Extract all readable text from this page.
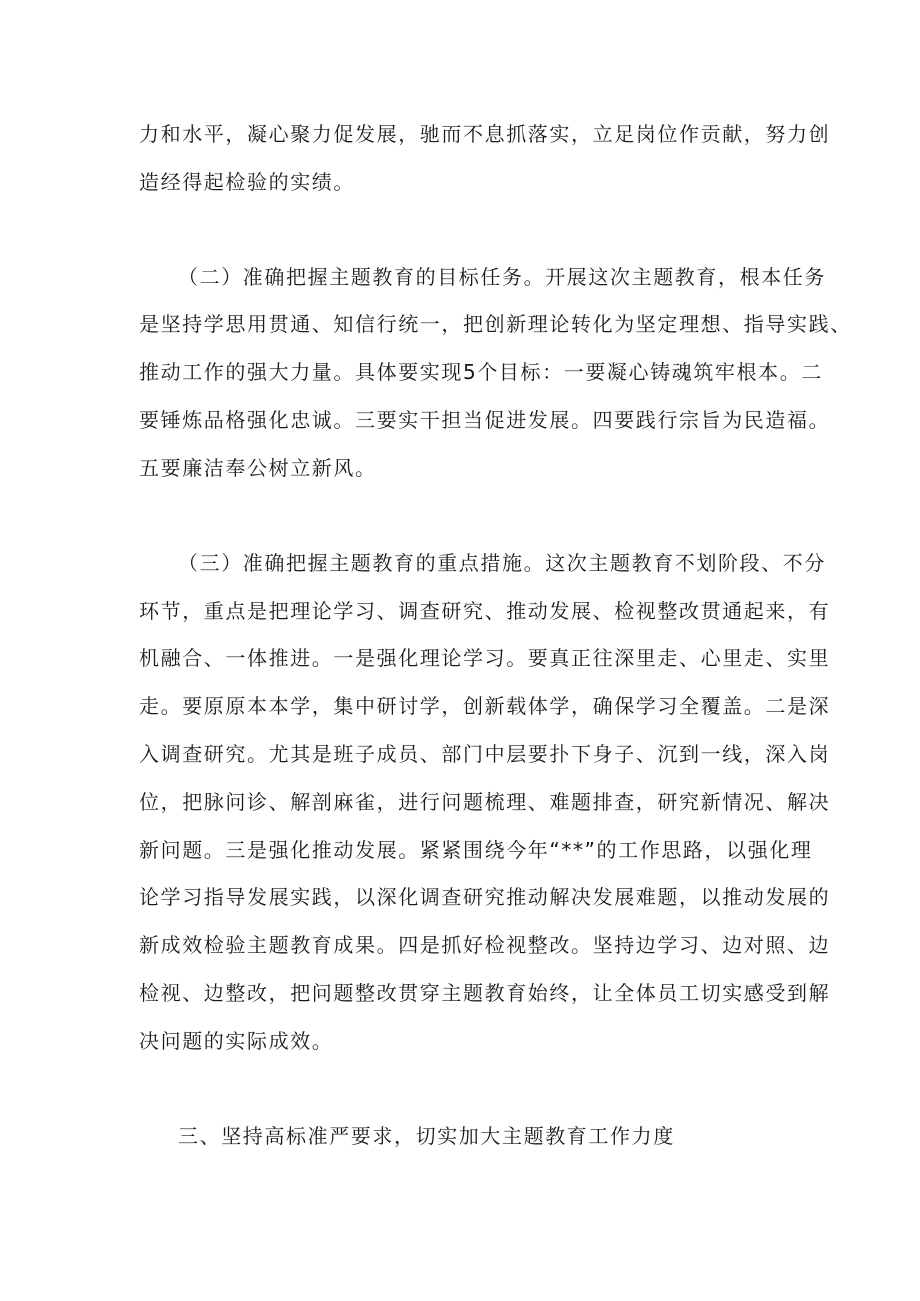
力和水平，凝心聚力促发展，驰而不息抓落实，立足岗位作贡献，努力创
造经得起检验的实绩。
（二）准确把握主题教育的目标任务。开展这次主题教育，根本任务
是坚持学思用贯通、知信行统一，把创新理论转化为坚定理想、指导实践、
推动工作的强大力量。具体要实现5个目标：一要凝心铸魂筑牢根本。二
要锤炼品格强化忠诚。三要实干担当促进发展。四要践行宗旨为民造福。
五要廉洁奉公树立新风。
（三）准确把握主题教育的重点措施。这次主题教育不划阶段、不分
环节，重点是把理论学习、调查研究、推动发展、检视整改贯通起来，有
机融合、一体推进。一是强化理论学习。要真正往深里走、心里走、实里
走。要原原本本学，集中研讨学，创新载体学，确保学习全覆盖。二是深
入调查研究。尤其是班子成员、部门中层要扑下身子、沉到一线，深入岗
位，把脉问诊、解剖麻雀，进行问题梳理、难题排查，研究新情况、解决
新问题。三是强化推动发展。紧紧围绕今年“**”的工作思路，以强化理
论学习指导发展实践，以深化调查研究推动解决发展难题，以推动发展的
新成效检验主题教育成果。四是抓好检视整改。坚持边学习、边对照、边
检视、边整改，把问题整改贯穿主题教育始终，让全体员工切实感受到解
决问题的实际成效。
三、坚持高标准严要求，切实加大主题教育工作力度
